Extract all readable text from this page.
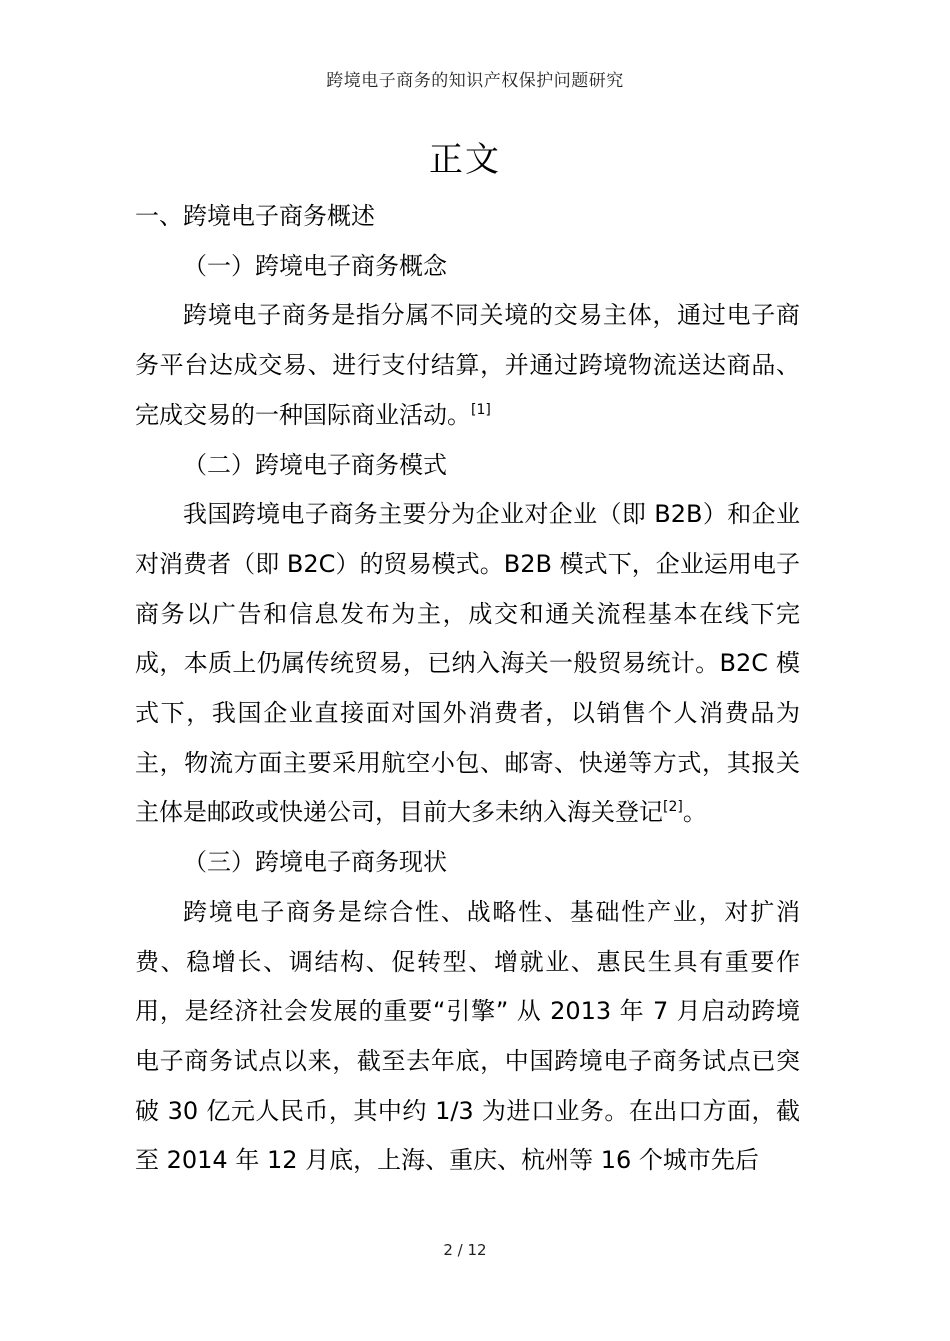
跨境电子商务的知识产权保护问题研究
正文

一、跨境电子商务概述

（一）跨境电子商务概念

跨境电子商务是指分属不同关境的交易主体，通过电子商务平台达成交易、进行支付结算，并通过跨境物流送达商品、完成交易的一种国际商业活动。[1]

（二）跨境电子商务模式

我国跨境电子商务主要分为企业对企业（即 B2B）和企业对消费者（即 B2C）的贸易模式。B2B 模式下，企业运用电子商务以广告和信息发布为主，成交和通关流程基本在线下完成，本质上仍属传统贸易，已纳入海关一般贸易统计。B2C 模式下，我国企业直接面对国外消费者，以销售个人消费品为主，物流方面主要采用航空小包、邮寄、快递等方式，其报关主体是邮政或快递公司，目前大多未纳入海关登记[2]。

（三）跨境电子商务现状

跨境电子商务是综合性、战略性、基础性产业，对扩消费、稳增长、调结构、促转型、增就业、惠民生具有重要作用，是经济社会发展的重要“引擎” 从 2013 年 7 月启动跨境电子商务试点以来，截至去年底，中国跨境电子商务试点已突破 30 亿元人民币，其中约 1/3 为进口业务。在出口方面，截至 2014 年 12 月底，上海、重庆、杭州等 16 个城市先后

2 / 12
